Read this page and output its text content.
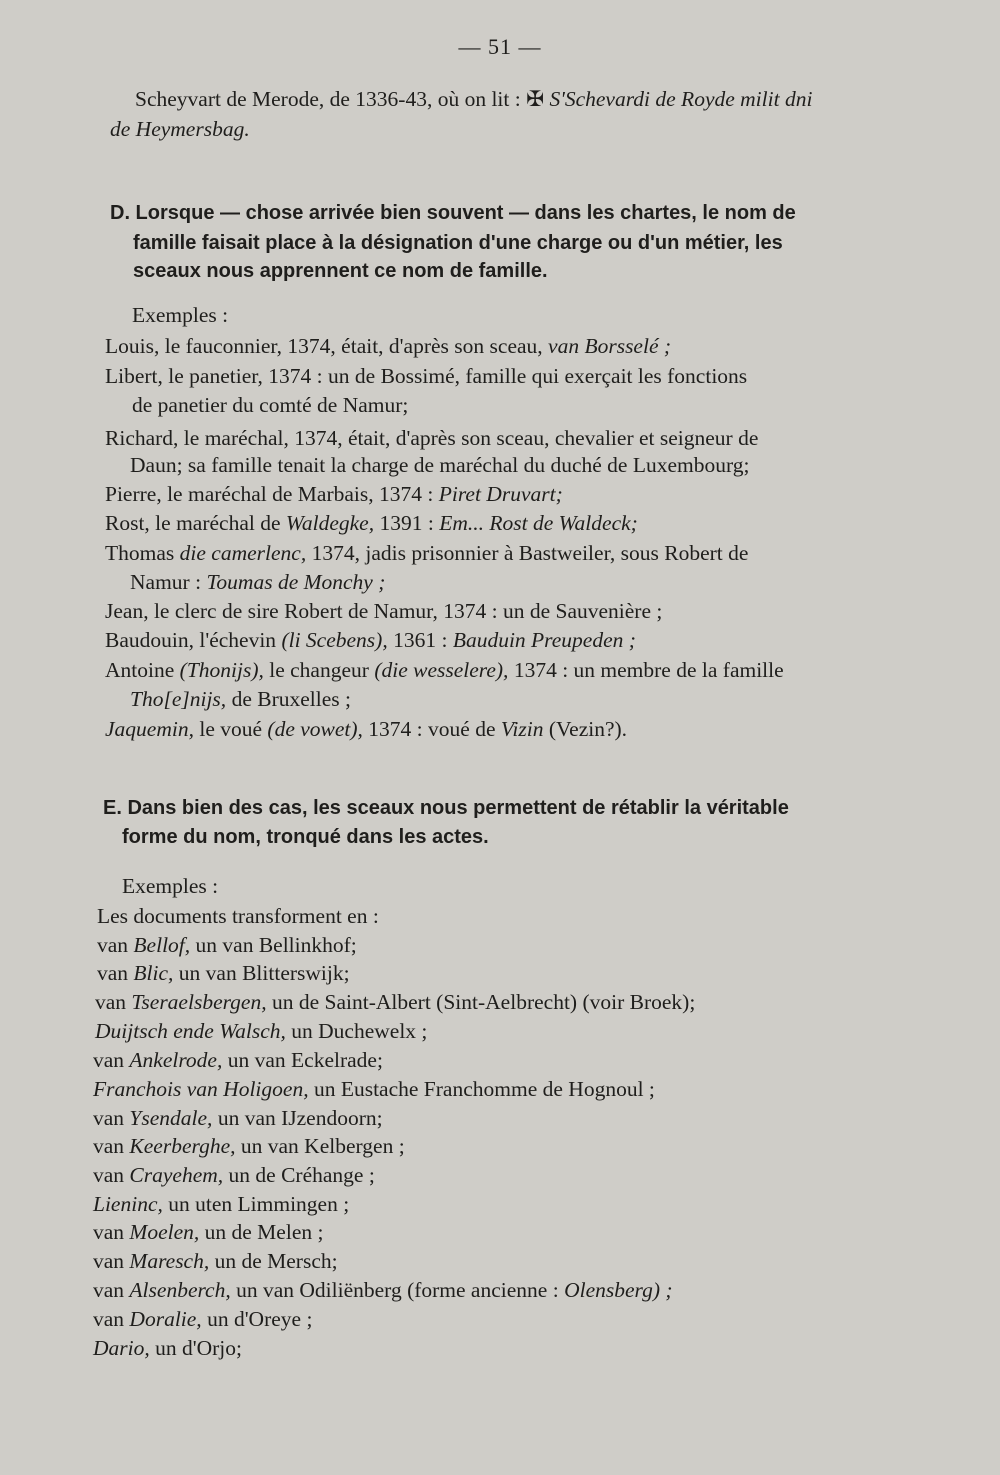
— 51 —
Scheyvart de Merode, de 1336-43, où on lit : ✠ S'Schevardi de Royde milit dni
de Heymersbag.
D. Lorsque — chose arrivée bien souvent — dans les chartes, le nom de
famille faisait place à la désignation d'une charge ou d'un métier, les
sceaux nous apprennent ce nom de famille.
Exemples :
Louis, le fauconnier, 1374, était, d'après son sceau, van Borsselé ;
Libert, le panetier, 1374 : un de Bossimé, famille qui exerçait les fonctions
de panetier du comté de Namur;
Richard, le maréchal, 1374, était, d'après son sceau, chevalier et seigneur de
Daun; sa famille tenait la charge de maréchal du duché de Luxembourg;
Pierre, le maréchal de Marbais, 1374 : Piret Druvart;
Rost, le maréchal de Waldegke, 1391 : Em... Rost de Waldeck;
Thomas die camerlenc, 1374, jadis prisonnier à Bastweiler, sous Robert de
Namur : Toumas de Monchy ;
Jean, le clerc de sire Robert de Namur, 1374 : un de Sauvenière ;
Baudouin, l'échevin (li Scebens), 1361 : Bauduin Preupeden ;
Antoine (Thonijs), le changeur (die wesselere), 1374 : un membre de la famille
Tho[e]nijs, de Bruxelles ;
Jaquemin, le voué (de vowet), 1374 : voué de Vizin (Vezin?).
E. Dans bien des cas, les sceaux nous permettent de rétablir la véritable
forme du nom, tronqué dans les actes.
Exemples :
Les documents transforment en :
van Bellof, un van Bellinkhof;
van Blic, un van Blitterswijk;
van Tseraelsbergen, un de Saint-Albert (Sint-Aelbrecht) (voir Broek);
Duijtsch ende Walsch, un Duchewelx ;
van Ankelrode, un van Eckelrade;
Franchois van Holigoen, un Eustache Franchomme de Hognoul ;
van Ysendale, un van IJzendoorn;
van Keerberghe, un van Kelbergen ;
van Crayehem, un de Créhange ;
Lieninc, un uten Limmingen ;
van Moelen, un de Melen ;
van Maresch, un de Mersch;
van Alsenberch, un van Odiliënberg (forme ancienne : Olensberg) ;
van Doralie, un d'Oreye ;
Dario, un d'Orjo;
